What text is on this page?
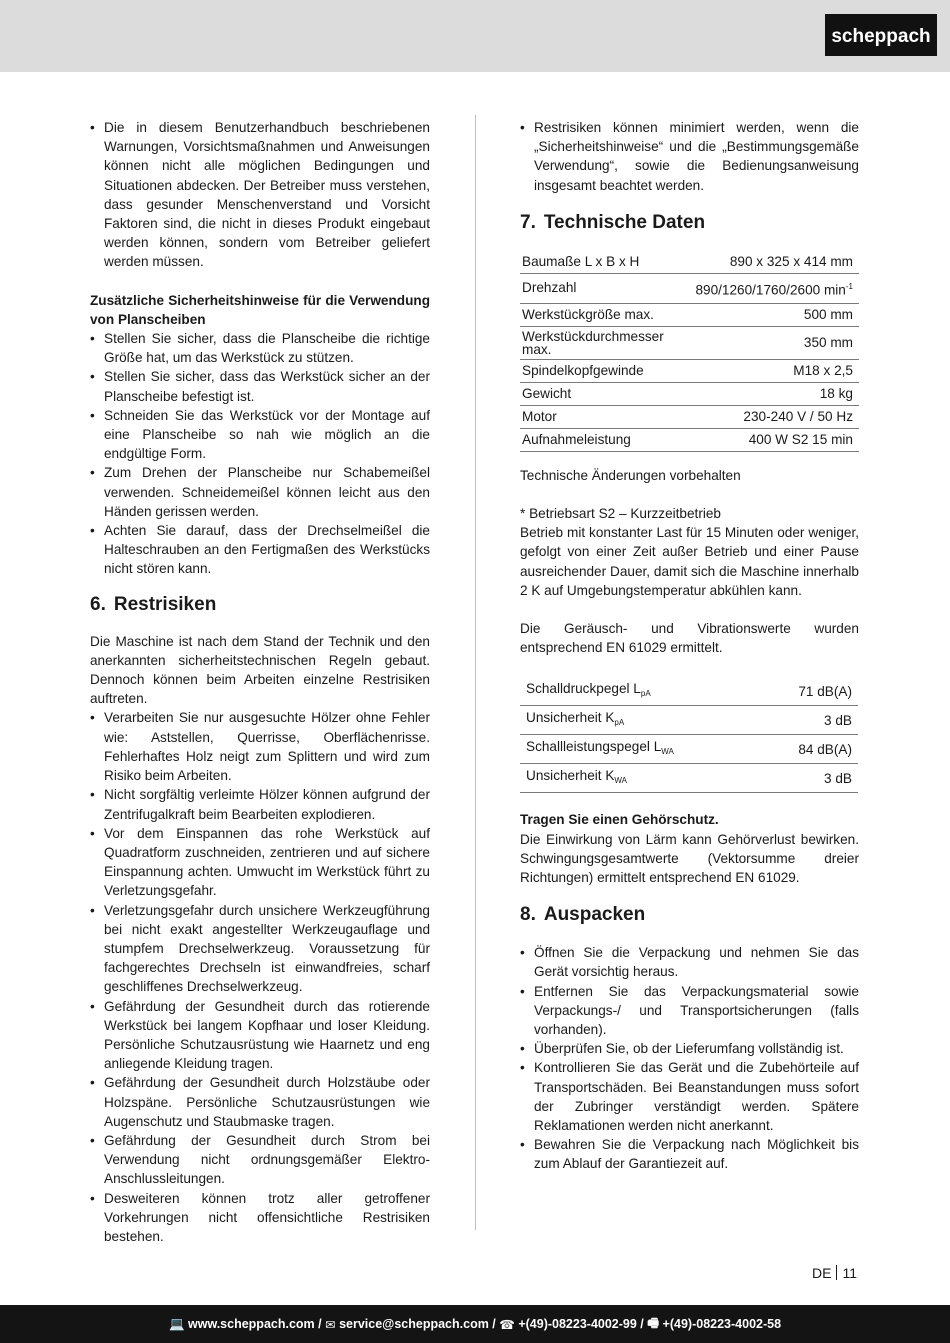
scheppach
• Die in diesem Benutzerhandbuch beschriebenen Warnungen, Vorsichtsmaßnahmen und Anweisungen können nicht alle möglichen Bedingungen und Situationen abdecken. Der Betreiber muss verstehen, dass gesunder Menschenverstand und Vorsicht Faktoren sind, die nicht in dieses Produkt eingebaut werden können, sondern vom Betreiber geliefert werden müssen.

Zusätzliche Sicherheitshinweise für die Verwendung von Planscheiben

• Stellen Sie sicher, dass die Planscheibe die richtige Größe hat, um das Werkstück zu stützen.
• Stellen Sie sicher, dass das Werkstück sicher an der Planscheibe befestigt ist.
• Schneiden Sie das Werkstück vor der Montage auf eine Planscheibe so nah wie möglich an die endgültige Form.
• Zum Drehen der Planscheibe nur Schabemeißel verwenden. Schneidemeißel können leicht aus den Händen gerissen werden.
• Achten Sie darauf, dass der Drechselmeißel die Halteschrauben an den Fertigmaßen des Werkstücks nicht stören kann.
6. Restrisiken

Die Maschine ist nach dem Stand der Technik und den anerkannten sicherheitstechnischen Regeln gebaut. Dennoch können beim Arbeiten einzelne Restrisiken auftreten.

• Verarbeiten Sie nur ausgesuchte Hölzer ohne Fehler wie: Aststellen, Querrisse, Oberflächenrisse. Fehlerhaftes Holz neigt zum Splittern und wird zum Risiko beim Arbeiten.
• Nicht sorgfältig verleimte Hölzer können aufgrund der Zentrifugalkraft beim Bearbeiten explodieren.
• Vor dem Einspannen das rohe Werkstück auf Quadratform zuschneiden, zentrieren und auf sichere Einspannung achten. Umwucht im Werkstück führt zu Verletzungsgefahr.
• Verletzungsgefahr durch unsichere Werkzeugführung bei nicht exakt angestellter Werkzeugauflage und stumpfem Drechselwerkzeug. Voraussetzung für fachgerechtes Drechseln ist einwandfreies, scharf geschliffenes Drechselwerkzeug.
• Gefährdung der Gesundheit durch das rotierende Werkstück bei langem Kopfhaar und loser Kleidung. Persönliche Schutzausrüstung wie Haarnetz und eng anliegende Kleidung tragen.
• Gefährdung der Gesundheit durch Holzstäube oder Holzspäne. Persönliche Schutzausrüstungen wie Augenschutz und Staubmaske tragen.
• Gefährdung der Gesundheit durch Strom bei Verwendung nicht ordnungsgemäßer Elektro-Anschlussleitungen.
• Desweiteren können trotz aller getroffener Vorkehrungen nicht offensichtliche Restrisiken bestehen.
• Restrisiken können minimiert werden, wenn die „Sicherheitshinweise“ und die „Bestimmungsgemäße Verwendung“, sowie die Bedienungsanweisung insgesamt beachtet werden.
7. Technische Daten
Baumaße L x B x H	890 x 325 x 414 mm
Drehzahl	890/1260/1760/2600 $\min^{-1}$
Werkstückgröße max.	500 mm
Werkstückdurchmesser max.	350 mm
Spindelkopfgewinde	M18 x 2,5
Gewicht	18 kg
Motor	230-240 V / 50 Hz
Aufnahmeleistung	400 W S2 15 min

Technische Änderungen vorbehalten

* Betriebsart S2 – Kurzzeitbetrieb

Betrieb mit konstanter Last für 15 Minuten oder weniger, gefolgt von einer Zeit außer Betrieb und einer Pause ausreichender Dauer, damit sich die Maschine innerhalb 2 K auf Umgebungstemperatur abkühlen kann.

Die Geräusch- und Vibrationswerte wurden entsprechend EN 61029 ermittelt.

Schalldruckpegel $L_{pA}$	71 dB(A)
Unsicherheit $K_{pA}$	3 dB
Schallleistungspegel $L_{WA}$	84 dB(A)
Unsicherheit $K_{WA}$	3 dB

Tragen Sie einen Gehörschutz.

Die Einwirkung von Lärm kann Gehörverlust bewirken. Schwingungsgesamtwerte (Vektorsumme dreier Richtungen) ermittelt entsprechend EN 61029.

8. Auspacken
• Öffnen Sie die Verpackung und nehmen Sie das Gerät vorsichtig heraus.
• Entfernen Sie das Verpackungsmaterial sowie Verpackungs-/ und Transportsicherungen (falls vorhanden).
• Überprüfen Sie, ob der Lieferumfang vollständig ist.
• Kontrollieren Sie das Gerät und die Zubehörteile auf Transportschäden. Bei Beanstandungen muss sofort der Zubringer verständigt werden. Spätere Reklamationen werden nicht anerkannt.
• Bewahren Sie die Verpackung nach Möglichkeit bis zum Ablauf der Garantiezeit auf.
DE 11
💻
www.scheppach.com /
✉
service@scheppach.com /
☎
+(49)-08223-4002-99 /
🖷
+(49)-08223-4002-58
